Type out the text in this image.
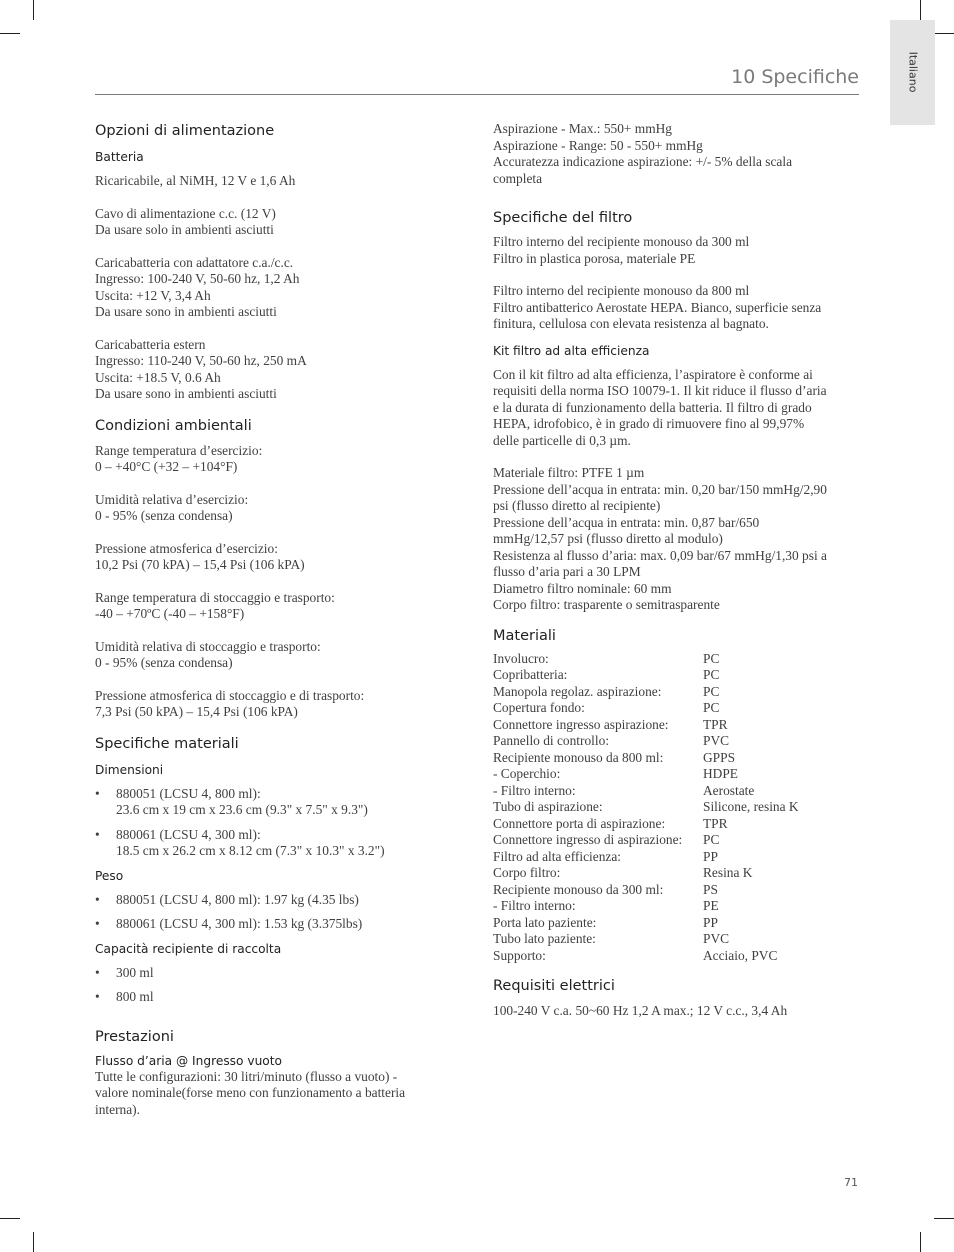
Italiano
10 Specifiche
Opzioni di alimentazione
Batteria

Ricaricabile, al NiMH, 12 V e 1,6 Ah

Cavo di alimentazione c.c. (12 V)

Da usare solo in ambienti asciutti

Caricabatteria con adattatore c.a./c.c.

Ingresso: 100-240 V, 50-60 hz, 1,2 Ah

Uscita: +12 V, 3,4 Ah

Da usare sono in ambienti asciutti

Caricabatteria estern

Ingresso: 110-240 V, 50-60 hz, 250 mA

Uscita: +18.5 V, 0.6 Ah

Da usare sono in ambienti asciutti

Condizioni ambientali

Range temperatura d’esercizio:

0 – +40°C (+32 – +104°F)

Umidità relativa d’esercizio:

0 - 95% (senza condensa)

Pressione atmosferica d’esercizio:

10,2 Psi (70 kPA) – 15,4 Psi (106 kPA)

Range temperatura di stoccaggio e trasporto:

-40 – +70ºC (-40 – +158°F)

Umidità relativa di stoccaggio e trasporto:

0 - 95% (senza condensa)

Pressione atmosferica di stoccaggio e di trasporto:

7,3 Psi (50 kPA) – 15,4 Psi (106 kPA)

Specifiche materiali
Dimensioni
• 880051 (LCSU 4, 800 ml):
23.6 cm x 19 cm x 23.6 cm (9.3" x 7.5" x 9.3")
• 880061 (LCSU 4, 300 ml):
18.5 cm x 26.2 cm x 8.12 cm (7.3" x 10.3" x 3.2")
Peso
• 880051 (LCSU 4, 800 ml): 1.97 kg (4.35 lbs)
• 880061 (LCSU 4, 300 ml): 1.53 kg (3.375lbs)
Capacità recipiente di raccolta
• 300 ml
• 800 ml
Prestazioni
Flusso d’aria @ Ingresso vuoto

Tutte le configurazioni: 30 litri/minuto (flusso a vuoto) -

valore nominale(forse meno con funzionamento a batteria

interna).

Aspirazione - Max.: 550+ mmHg

Aspirazione - Range: 50 - 550+ mmHg

Accuratezza indicazione aspirazione: +/- 5% della scala

completa

Specifiche del filtro

Filtro interno del recipiente monouso da 300 ml

Filtro in plastica porosa, materiale PE

Filtro interno del recipiente monouso da 800 ml

Filtro antibatterico Aerostate HEPA. Bianco, superficie senza

finitura, cellulosa con elevata resistenza al bagnato.

Kit filtro ad alta efficienza

Con il kit filtro ad alta efficienza, l’aspiratore è conforme ai

requisiti della norma ISO 10079-1. Il kit riduce il flusso d’aria

e la durata di funzionamento della batteria. Il filtro di grado

HEPA, idrofobico, è in grado di rimuovere fino al 99,97%

delle particelle di 0,3 µm.

Materiale filtro: PTFE 1 µm

Pressione dell’acqua in entrata: min. 0,20 bar/150 mmHg/2,90

psi (flusso diretto al recipiente)

Pressione dell’acqua in entrata: min. 0,87 bar/650

mmHg/12,57 psi (flusso diretto al modulo)

Resistenza al flusso d’aria: max. 0,09 bar/67 mmHg/1,30 psi a

flusso d’aria pari a 30 LPM

Diametro filtro nominale: 60 mm

Corpo filtro: trasparente o semitrasparente

Materiali
Involucro:	PC
Copribatteria:	PC
Manopola regolaz. aspirazione:	PC
Copertura fondo:	PC
Connettore ingresso aspirazione:	TPR
Pannello di controllo:	PVC
Recipiente monouso da 800 ml:	GPPS
- Coperchio:	HDPE
- Filtro interno:	Aerostate
Tubo di aspirazione:	Silicone, resina K
Connettore porta di aspirazione:	TPR
Connettore ingresso di aspirazione:	PC
Filtro ad alta efficienza:	PP
Corpo filtro:	Resina K
Recipiente monouso da 300 ml:	PS
- Filtro interno:	PE
Porta lato paziente:	PP
Tubo lato paziente:	PVC
Supporto:	Acciaio, PVC
Requisiti elettrici

100-240 V c.a. 50~60 Hz 1,2 A max.; 12 V c.c., 3,4 Ah

71
